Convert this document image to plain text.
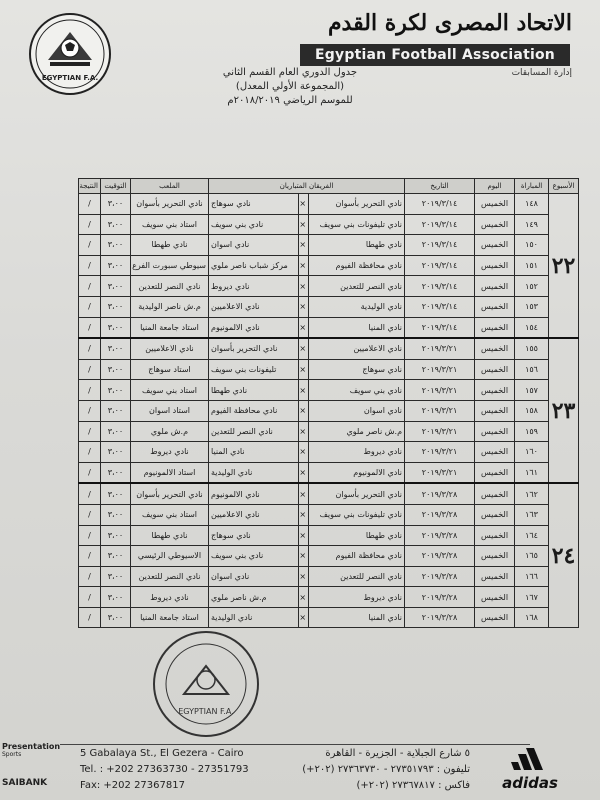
EGYPTIAN F.A.
الاتحاد المصرى لكرة القدم
Egyptian Football Association
إدارة المسابقات
جدول الدوري العام القسم الثاني
(المجموعة الأولي المعدل)
للموسم الرياضي ٢٠١٨/٢٠١٩م
الأسبوع	المباراة	اليوم	التاريخ	الفريقان المتباريان			الملعب	التوقيت	النتيجة
٢٢	١٤٨	الخميس	٢٠١٩/٣/١٤	نادي التحرير بأسوان	×	نادي سوهاج	نادي التحرير بأسوان	٣،٠٠	/
	١٤٩	الخميس	٢٠١٩/٣/١٤	نادي تليفونات بني سويف	×	نادي بني سويف	استاد بني سويف	٣،٠٠	/
	١٥٠	الخميس	٢٠١٩/٣/١٤	نادي طهطا	×	نادي اسوان	نادي طهطا	٣،٠٠	/
	١٥١	الخميس	٢٠١٩/٣/١٤	نادي محافظة الفيوم	×	مركز شباب ناصر ملوي	سيوطي سبورت الفرع	٣،٠٠	/
	١٥٢	الخميس	٢٠١٩/٣/١٤	نادي النصر للتعدين	×	نادي ديروط	نادي النصر للتعدين	٣،٠٠	/
	١٥٣	الخميس	٢٠١٩/٣/١٤	نادي الوليدية	×	نادي الاعلاميين	م.ش ناصر الوليدية	٣،٠٠	/
	١٥٤	الخميس	٢٠١٩/٣/١٤	نادي المنيا	×	نادي الالمونيوم	استاد جامعة المنيا	٣،٠٠	/
٢٣	١٥٥	الخميس	٢٠١٩/٣/٢١	نادي الاعلاميين	×	نادي التحرير بأسوان	نادي الاعلاميين	٣،٠٠	/
	١٥٦	الخميس	٢٠١٩/٣/٢١	نادي سوهاج	×	تليفونات بني سويف	استاد سوهاج	٣،٠٠	/
	١٥٧	الخميس	٢٠١٩/٣/٢١	نادي بني سويف	×	نادي طهطا	استاد بني سويف	٣،٠٠	/
	١٥٨	الخميس	٢٠١٩/٣/٢١	نادي اسوان	×	نادي محافظة الفيوم	استاد اسوان	٣،٠٠	/
	١٥٩	الخميس	٢٠١٩/٣/٢١	م.ش ناصر ملوي	×	نادي النصر للتعدين	م.ش ملوي	٣،٠٠	/
	١٦٠	الخميس	٢٠١٩/٣/٢١	نادي ديروط	×	نادي المنيا	نادي ديروط	٣،٠٠	/
	١٦١	الخميس	٢٠١٩/٣/٢١	نادي الالمونيوم	×	نادي الوليدية	استاد الالمونيوم	٣،٠٠	/
٢٤	١٦٢	الخميس	٢٠١٩/٣/٢٨	نادي التحرير بأسوان	×	نادي الالمونيوم	نادي التحرير بأسوان	٣،٠٠	/
	١٦٣	الخميس	٢٠١٩/٣/٢٨	نادي تليفونات بني سويف	×	نادي الاعلاميين	استاد بني سويف	٣،٠٠	/
	١٦٤	الخميس	٢٠١٩/٣/٢٨	نادي طهطا	×	نادي سوهاج	نادي طهطا	٣،٠٠	/
	١٦٥	الخميس	٢٠١٩/٣/٢٨	نادي محافظة الفيوم	×	نادي بني سويف	الاسيوطي الرئيسي	٣،٠٠	/
	١٦٦	الخميس	٢٠١٩/٣/٢٨	نادي النصر للتعدين	×	نادي اسوان	نادي النصر للتعدين	٣،٠٠	/
	١٦٧	الخميس	٢٠١٩/٣/٢٨	نادي ديروط	×	م.ش ناصر ملوي	نادي ديروط	٣،٠٠	/
	١٦٨	الخميس	٢٠١٩/٣/٢٨	نادي المنيا	×	نادي الوليدية	استاد جامعة المنيا	٣،٠٠	/
EGYPTIAN F.A.
Presentation
Sports
SAIBANK
5 Gabalaya St., El Gezera - Cairo
Tel. : +202 27363730 - 27351793
Fax: +202 27367817
٥ شارع الجبلاية - الجزيرة - القاهرة
تليفون : ٢٧٣٥١٧٩٣ - ٢٧٣٦٣٧٣٠ (٢٠٢+)
فاكس : ٢٧٣٦٧٨١٧ (٢٠٢+) adidas
